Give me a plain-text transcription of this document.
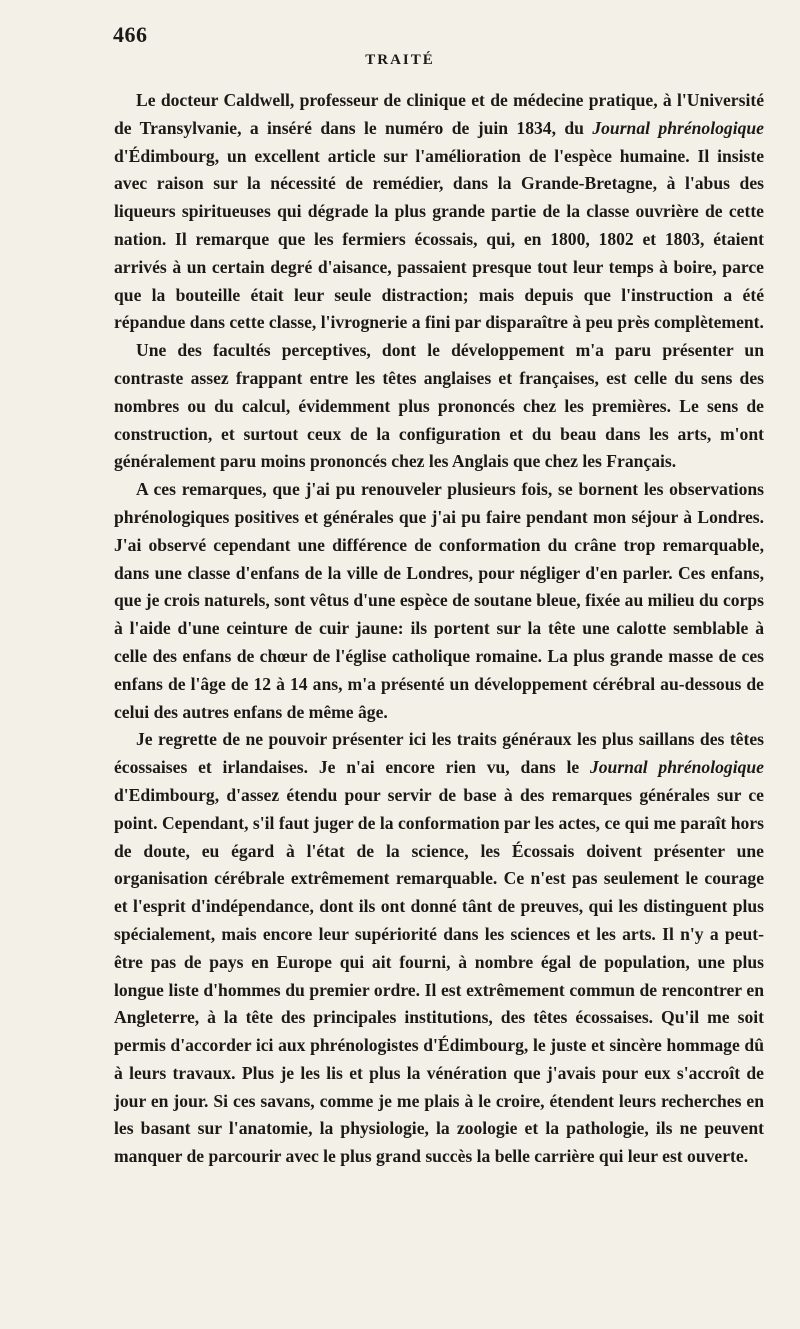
466
TRAITÉ

Le docteur Caldwell, professeur de clinique et de médecine pratique, à l'Université de Transylvanie, a inséré dans le numéro de juin 1834, du Journal phrénologique d'Édimbourg, un excellent article sur l'amélioration de l'espèce humaine. Il insiste avec raison sur la nécessité de remédier, dans la Grande-Bretagne, à l'abus des liqueurs spiritueuses qui dégrade la plus grande partie de la classe ouvrière de cette nation. Il remarque que les fermiers écossais, qui, en 1800, 1802 et 1803, étaient arrivés à un certain degré d'aisance, passaient presque tout leur temps à boire, parce que la bouteille était leur seule distraction; mais depuis que l'instruction a été répandue dans cette classe, l'ivrognerie a fini par disparaître à peu près complètement.

Une des facultés perceptives, dont le développement m'a paru présenter un contraste assez frappant entre les têtes anglaises et françaises, est celle du sens des nombres ou du calcul, évidemment plus prononcés chez les premières. Le sens de construction, et surtout ceux de la configuration et du beau dans les arts, m'ont généralement paru moins prononcés chez les Anglais que chez les Français.

A ces remarques, que j'ai pu renouveler plusieurs fois, se bornent les observations phrénologiques positives et générales que j'ai pu faire pendant mon séjour à Londres. J'ai observé cependant une différence de conformation du crâne trop remarquable, dans une classe d'enfans de la ville de Londres, pour négliger d'en parler. Ces enfans, que je crois naturels, sont vêtus d'une espèce de soutane bleue, fixée au milieu du corps à l'aide d'une ceinture de cuir jaune: ils portent sur la tête une calotte semblable à celle des enfans de chœur de l'église catholique romaine. La plus grande masse de ces enfans de l'âge de 12 à 14 ans, m'a présenté un développement cérébral au-dessous de celui des autres enfans de même âge.

Je regrette de ne pouvoir présenter ici les traits généraux les plus saillans des têtes écossaises et irlandaises. Je n'ai encore rien vu, dans le Journal phrénologique d'Edimbourg, d'assez étendu pour servir de base à des remarques générales sur ce point. Cependant, s'il faut juger de la conformation par les actes, ce qui me paraît hors de doute, eu égard à l'état de la science, les Écossais doivent présenter une organisation cérébrale extrêmement remarquable. Ce n'est pas seulement le courage et l'esprit d'indépendance, dont ils ont donné tânt de preuves, qui les distinguent plus spécialement, mais encore leur supériorité dans les sciences et les arts. Il n'y a peut-être pas de pays en Europe qui ait fourni, à nombre égal de population, une plus longue liste d'hommes du premier ordre. Il est extrêmement commun de rencontrer en Angleterre, à la tête des principales institutions, des têtes écossaises. Qu'il me soit permis d'accorder ici aux phrénologistes d'Édimbourg, le juste et sincère hommage dû à leurs travaux. Plus je les lis et plus la vénération que j'avais pour eux s'accroît de jour en jour. Si ces savans, comme je me plais à le croire, étendent leurs recherches en les basant sur l'anatomie, la physiologie, la zoologie et la pathologie, ils ne peuvent manquer de parcourir avec le plus grand succès la belle carrière qui leur est ouverte.
